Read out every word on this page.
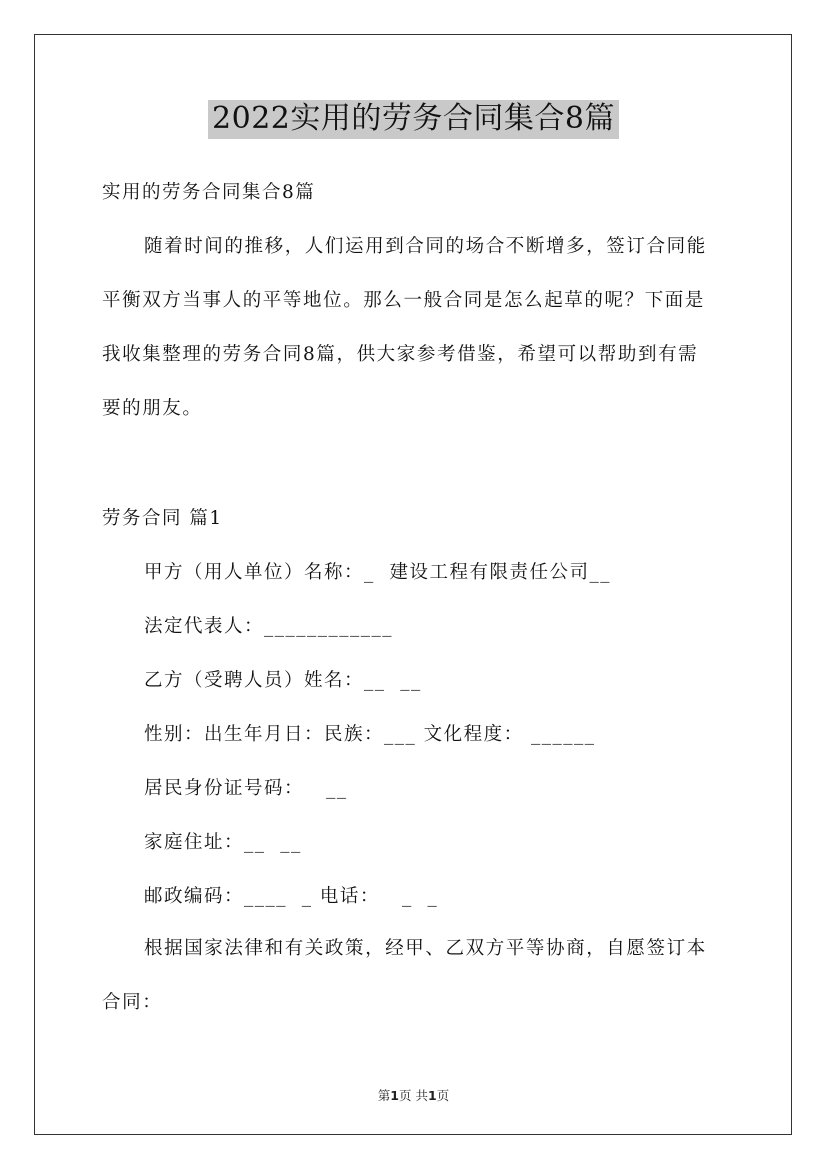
2022实用的劳务合同集合8篇
实用的劳务合同集合8篇
随着时间的推移，人们运用到合同的场合不断增多，签订合同能
平衡双方当事人的平等地位。那么一般合同是怎么起草的呢？下面是
我收集整理的劳务合同8篇，供大家参考借鉴，希望可以帮助到有需
要的朋友。
劳务合同 篇1
甲方（用人单位）名称：_  建设工程有限责任公司__
法定代表人：____________
乙方（受聘人员）姓名：__  __
性别：出生年月日：民族：___ 文化程度： ______
居民身份证号码：   __
家庭住址：__  __
邮政编码：____  _ 电话：   _  _
根据国家法律和有关政策，经甲、乙双方平等协商，自愿签订本
合同：
第1页 共1页
